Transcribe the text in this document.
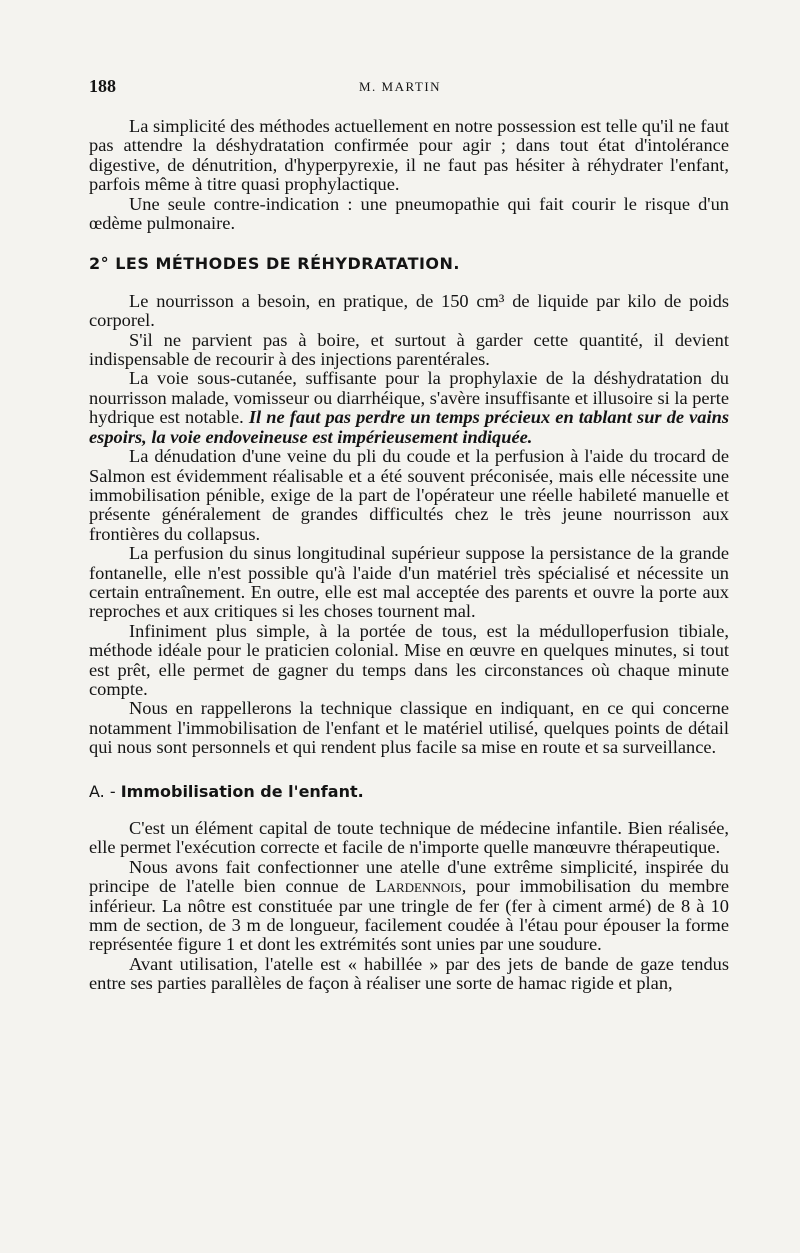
188	M. MARTIN

La simplicité des méthodes actuellement en notre possession est telle qu'il ne faut pas attendre la déshydratation confirmée pour agir ; dans tout état d'intolérance digestive, de dénutrition, d'hyperpyrexie, il ne faut pas hésiter à réhydrater l'enfant, parfois même à titre quasi prophylactique.

Une seule contre-indication : une pneumopathie qui fait courir le risque d'un œdème pulmonaire.

2° LES MÉTHODES DE RÉHYDRATATION.

Le nourrisson a besoin, en pratique, de 150 cm³ de liquide par kilo de poids corporel.

S'il ne parvient pas à boire, et surtout à garder cette quantité, il devient indispensable de recourir à des injections parentérales.

La voie sous-cutanée, suffisante pour la prophylaxie de la déshydratation du nourrisson malade, vomisseur ou diarrhéique, s'avère insuffisante et illusoire si la perte hydrique est notable. Il ne faut pas perdre un temps précieux en tablant sur de vains espoirs, la voie endoveineuse est impérieusement indiquée.

La dénudation d'une veine du pli du coude et la perfusion à l'aide du trocard de Salmon est évidemment réalisable et a été souvent préconisée, mais elle nécessite une immobilisation pénible, exige de la part de l'opérateur une réelle habileté manuelle et présente généralement de grandes difficultés chez le très jeune nourrisson aux frontières du collapsus.

La perfusion du sinus longitudinal supérieur suppose la persistance de la grande fontanelle, elle n'est possible qu'à l'aide d'un matériel très spécialisé et nécessite un certain entraînement. En outre, elle est mal acceptée des parents et ouvre la porte aux reproches et aux critiques si les choses tournent mal.

Infiniment plus simple, à la portée de tous, est la médulloperfusion tibiale, méthode idéale pour le praticien colonial. Mise en œuvre en quelques minutes, si tout est prêt, elle permet de gagner du temps dans les circonstances où chaque minute compte.

Nous en rappellerons la technique classique en indiquant, en ce qui concerne notamment l'immobilisation de l'enfant et le matériel utilisé, quelques points de détail qui nous sont personnels et qui rendent plus facile sa mise en route et sa surveillance.

A. - Immobilisation de l'enfant.

C'est un élément capital de toute technique de médecine infantile. Bien réalisée, elle permet l'exécution correcte et facile de n'importe quelle manœuvre thérapeutique.

Nous avons fait confectionner une atelle d'une extrême simplicité, inspirée du principe de l'atelle bien connue de Lardennois, pour immobilisation du membre inférieur. La nôtre est constituée par une tringle de fer (fer à ciment armé) de 8 à 10 mm de section, de 3 m de longueur, facilement coudée à l'étau pour épouser la forme représentée figure 1 et dont les extrémités sont unies par une soudure.

Avant utilisation, l'atelle est « habillée » par des jets de bande de gaze tendus entre ses parties parallèles de façon à réaliser une sorte de hamac rigide et plan,
